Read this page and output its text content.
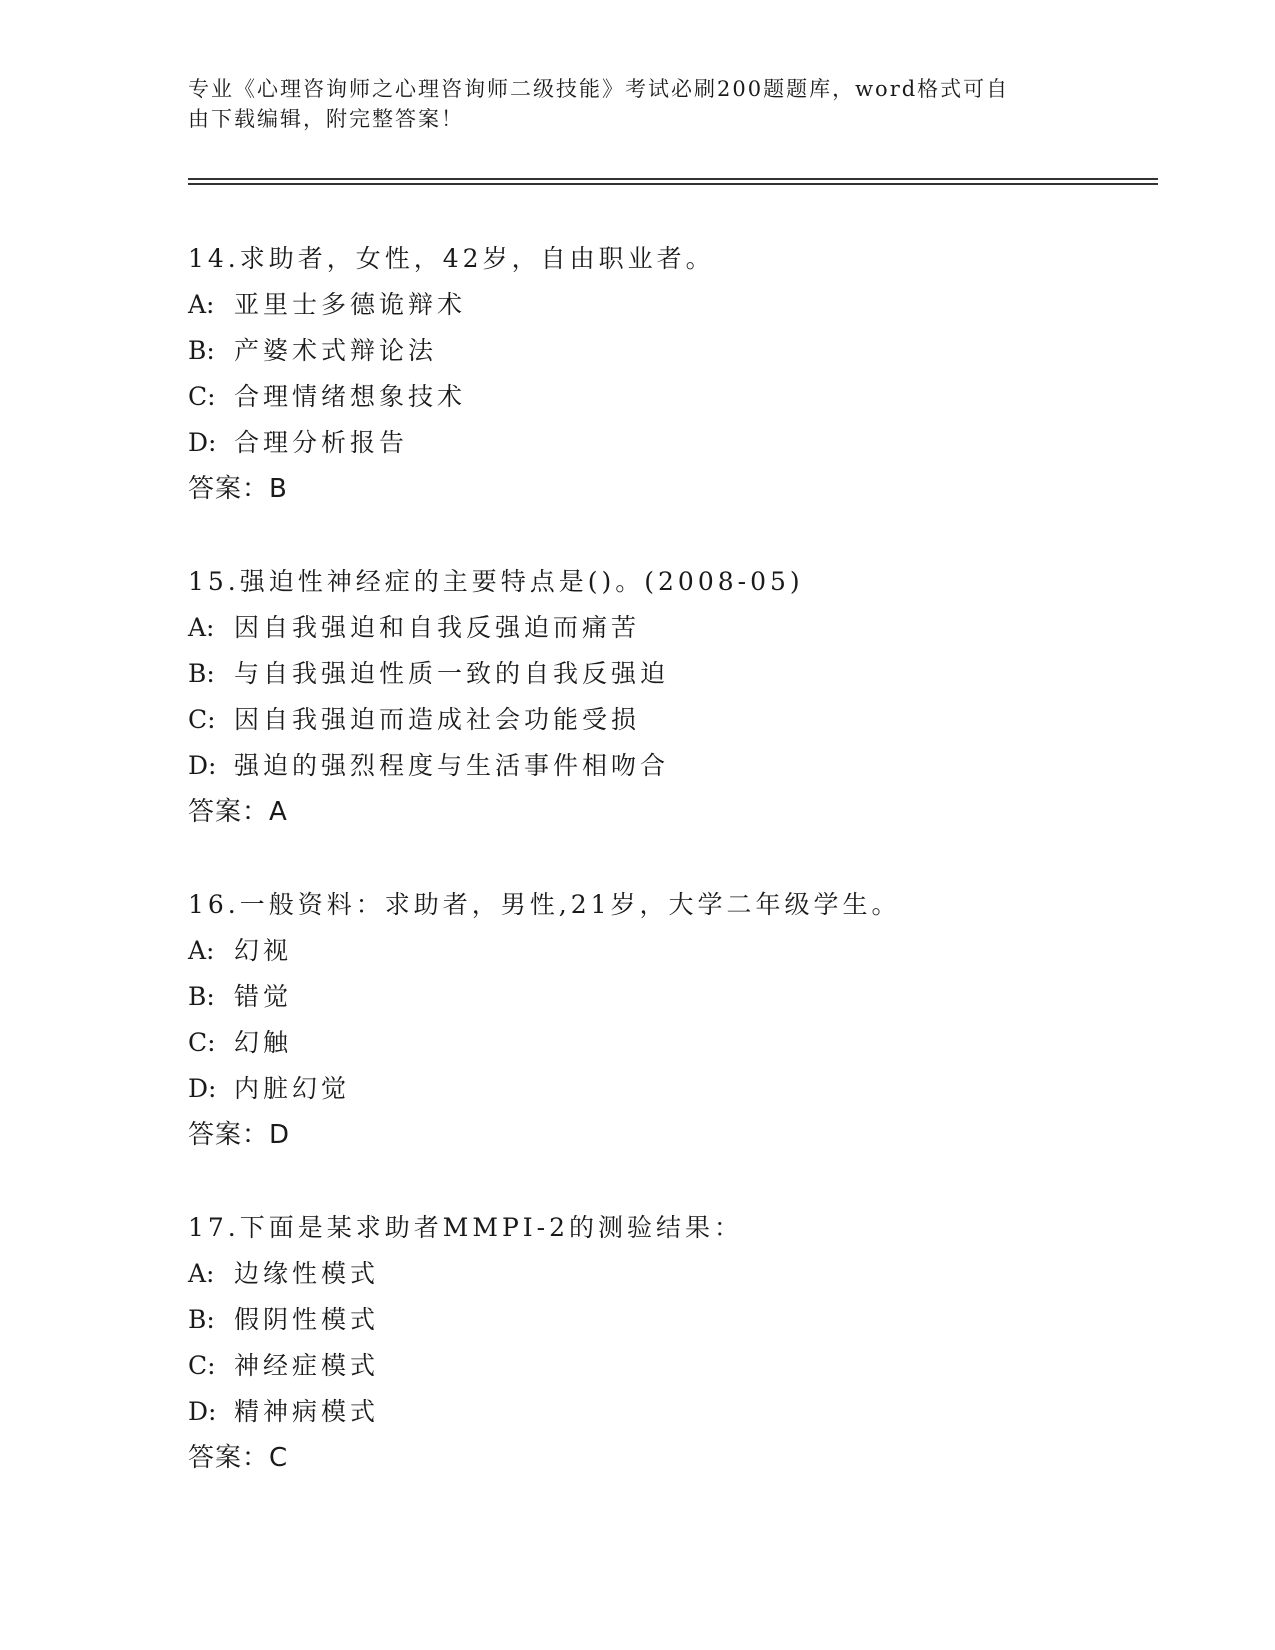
专业《心理咨询师之心理咨询师二级技能》考试必刷200题题库，word格式可自
由下载编辑，附完整答案！
14.求助者，女性，42岁，自由职业者。
A: 亚里士多德诡辩术
B: 产婆术式辩论法
C: 合理情绪想象技术
D: 合理分析报告
答案：B
15.强迫性神经症的主要特点是()。(2008-05)
A: 因自我强迫和自我反强迫而痛苦
B: 与自我强迫性质一致的自我反强迫
C: 因自我强迫而造成社会功能受损
D: 强迫的强烈程度与生活事件相吻合
答案：A
16.一般资料：求助者，男性,21岁，大学二年级学生。
A: 幻视
B: 错觉
C: 幻触
D: 内脏幻觉
答案：D
17.下面是某求助者MMPI-2的测验结果：
A: 边缘性模式
B: 假阴性模式
C: 神经症模式
D: 精神病模式
答案：C
